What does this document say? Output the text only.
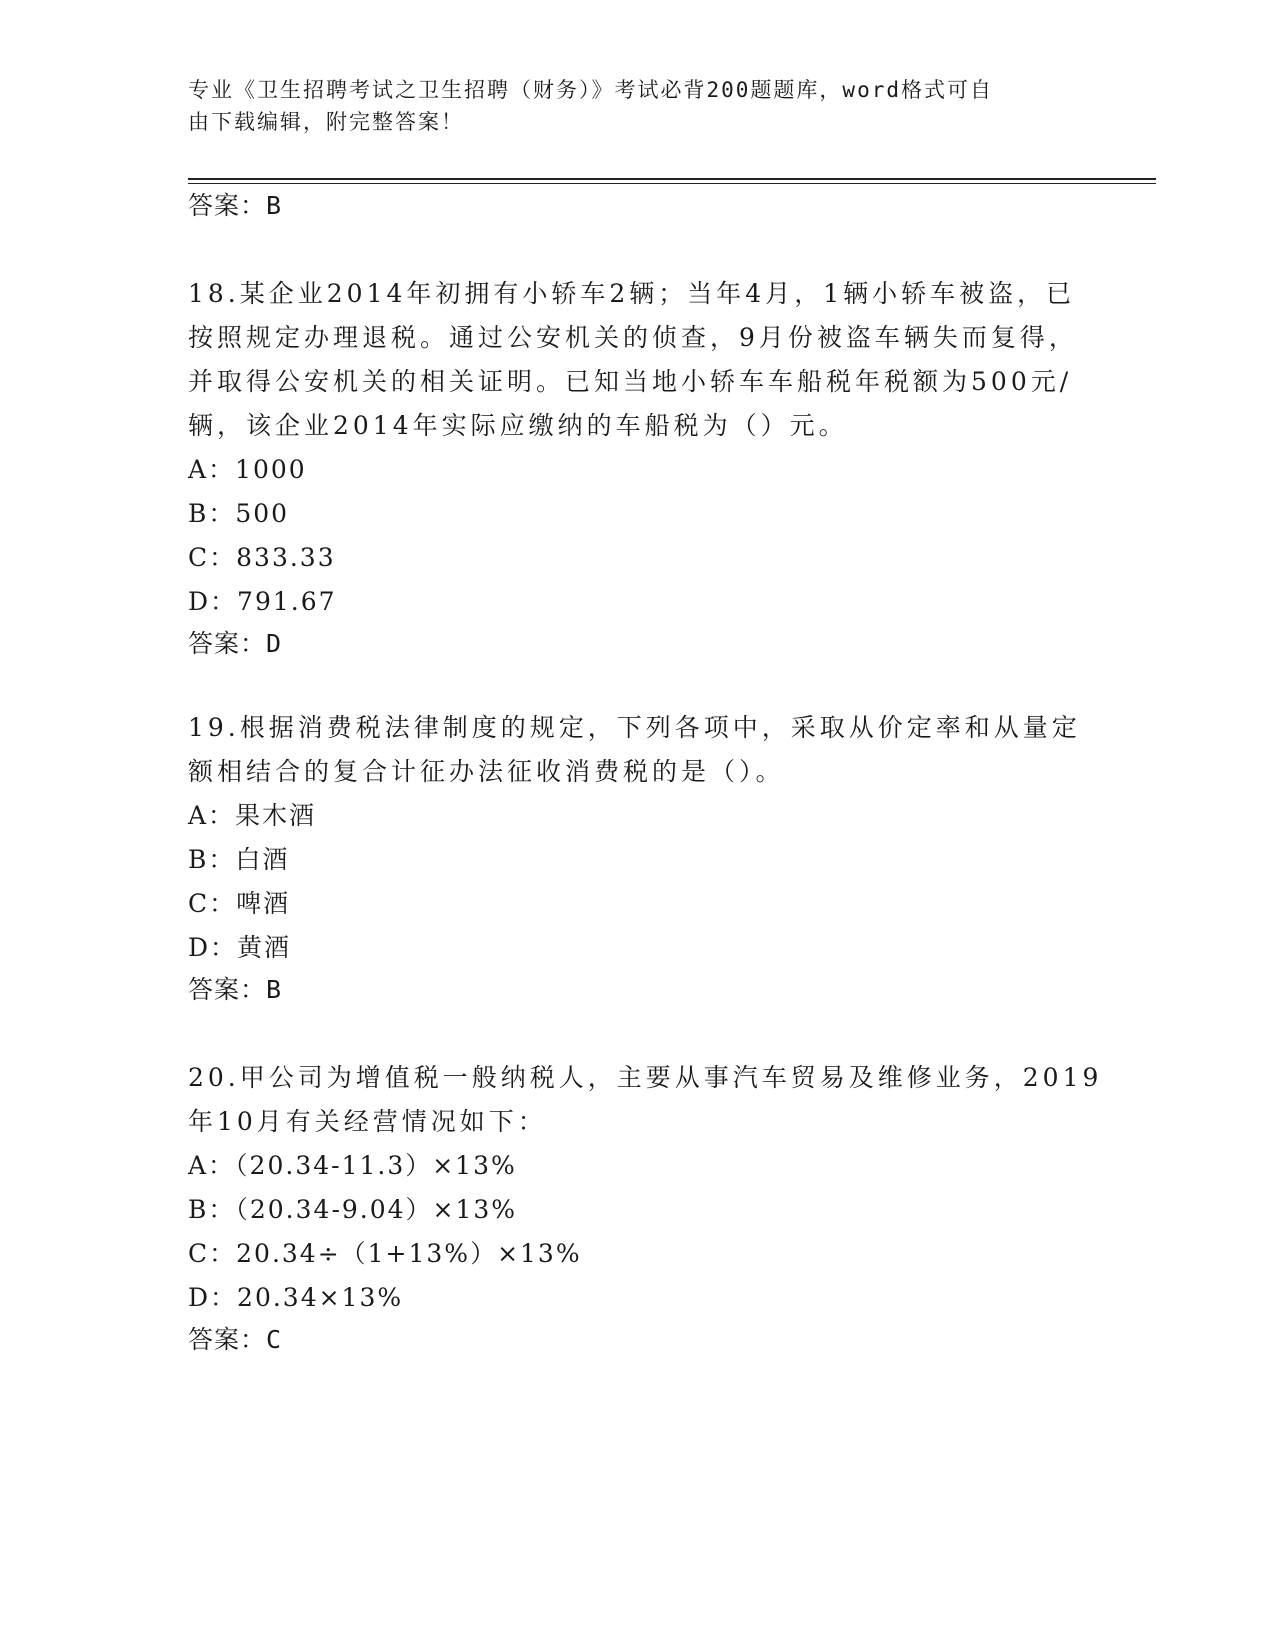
专业《卫生招聘考试之卫生招聘（财务）》考试必背200题题库，word格式可自
由下载编辑，附完整答案！
答案：B
18.某企业2014年初拥有小轿车2辆；当年4月，1辆小轿车被盗，已
按照规定办理退税。通过公安机关的侦查，9月份被盗车辆失而复得，
并取得公安机关的相关证明。已知当地小轿车车船税年税额为500元/
辆，该企业2014年实际应缴纳的车船税为（）元。
A：1000
B：500
C：833.33
D：791.67
答案：D
19.根据消费税法律制度的规定，下列各项中，采取从价定率和从量定
额相结合的复合计征办法征收消费税的是（）。
A：果木酒
B：白酒
C：啤酒
D：黄酒
答案：B
20.甲公司为增值税一般纳税人，主要从事汽车贸易及维修业务，2019
年10月有关经营情况如下：
A：（20.34-11.3）×13%
B：（20.34-9.04）×13%
C：20.34÷（1+13%）×13%
D：20.34×13%
答案：C
